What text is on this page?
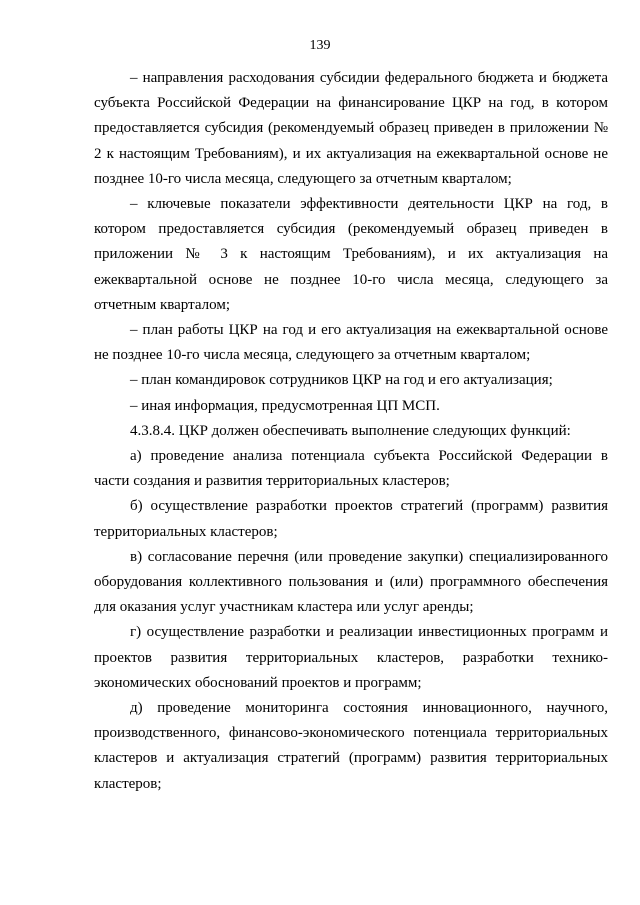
139

– направления расходования субсидии федерального бюджета и бюджета субъекта Российской Федерации на финансирование ЦКР на год, в котором предоставляется субсидия (рекомендуемый образец приведен в приложении № 2 к настоящим Требованиям), и их актуализация на ежеквартальной основе не позднее 10-го числа месяца, следующего за отчетным кварталом;

– ключевые показатели эффективности деятельности ЦКР на год, в котором предоставляется субсидия (рекомендуемый образец приведен в приложении № 3 к настоящим Требованиям), и их актуализация на ежеквартальной основе не позднее 10-го числа месяца, следующего за отчетным кварталом;

– план работы ЦКР на год и его актуализация на ежеквартальной основе не позднее 10-го числа месяца, следующего за отчетным кварталом;

– план командировок сотрудников ЦКР на год и его актуализация;

– иная информация, предусмотренная ЦП МСП.

4.3.8.4. ЦКР должен обеспечивать выполнение следующих функций:

а) проведение анализа потенциала субъекта Российской Федерации в части создания и развития территориальных кластеров;

б) осуществление разработки проектов стратегий (программ) развития территориальных кластеров;

в) согласование перечня (или проведение закупки) специализированного оборудования коллективного пользования и (или) программного обеспечения для оказания услуг участникам кластера или услуг аренды;

г) осуществление разработки и реализации инвестиционных программ и проектов развития территориальных кластеров, разработки технико-экономических обоснований проектов и программ;

д) проведение мониторинга состояния инновационного, научного, производственного, финансово-экономического потенциала территориальных кластеров и актуализация стратегий (программ) развития территориальных кластеров;
